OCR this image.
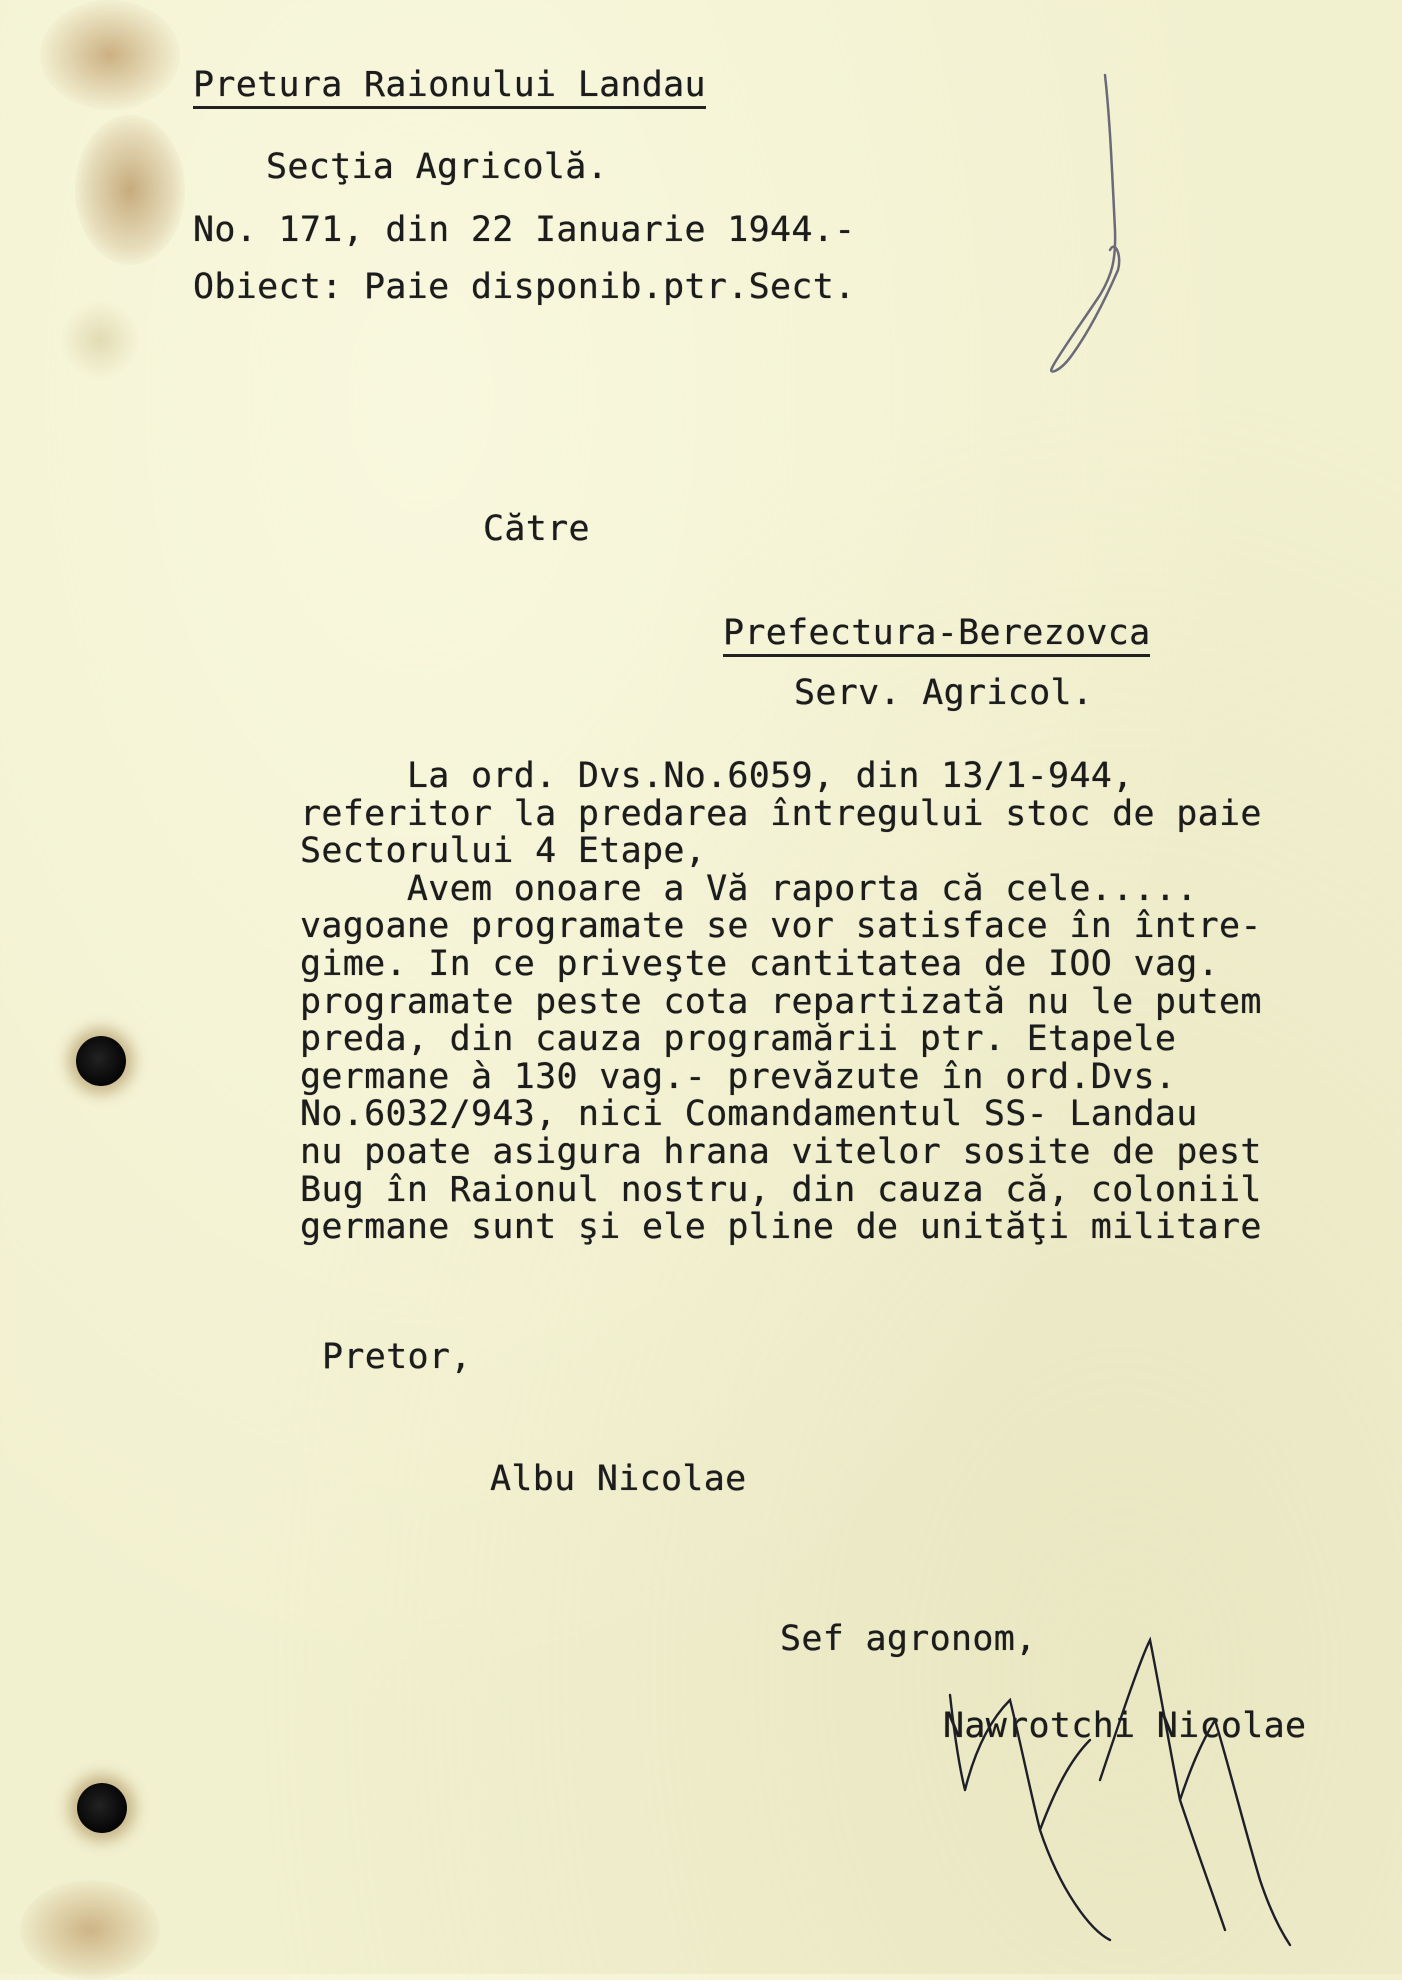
Pretura Raionului Landau
Secţia Agricolă.
No. 171, din 22 Ianuarie 1944.-
Obiect: Paie disponib.ptr.Sect.
Către
Prefectura-Berezovca
Serv. Agricol.
La ord. Dvs.No.6059, din 13/1-944,
referitor la predarea întregului stoc de paie
Sectorului 4 Etape,
Avem onoare a Vă raporta că cele.....
vagoane programate se vor satisface în între-
gime. In ce priveşte cantitatea de IOO vag.
programate peste cota repartizată nu le putem
preda, din cauza programării ptr. Etapele
germane à 130 vag.- prevăzute în ord.Dvs.
No.6032/943, nici Comandamentul SS- Landau
nu poate asigura hrana vitelor sosite de pest
Bug în Raionul nostru, din cauza că, coloniil
germane sunt şi ele pline de unităţi militare
Pretor,
Albu Nicolae
Sef agronom,
Nawrotchi Nicolae
